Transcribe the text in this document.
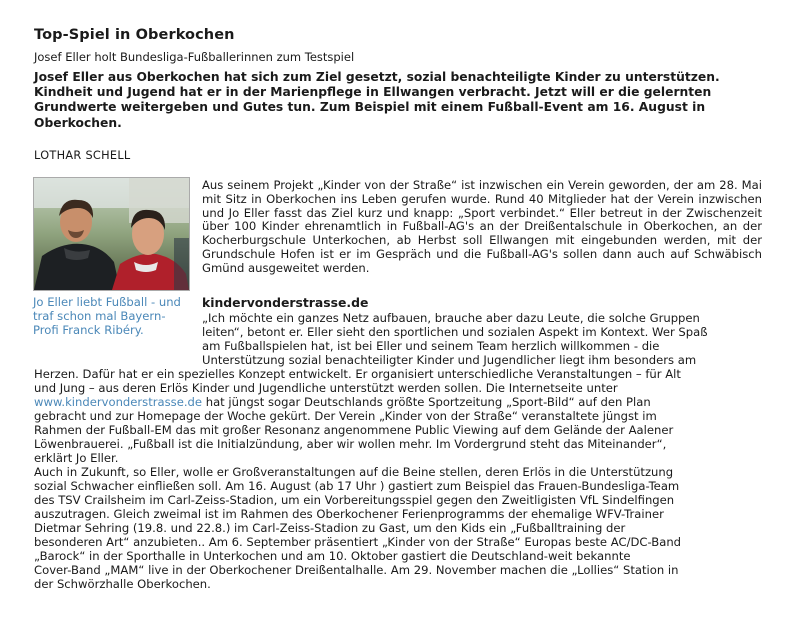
Top-Spiel in Oberkochen

Josef Eller holt Bundesliga-Fußballerinnen zum Testspiel

Josef Eller aus Oberkochen hat sich zum Ziel gesetzt, sozial benachteiligte Kinder zu unterstützen. Kindheit und Jugend hat er in der Marienpflege in Ellwangen verbracht. Jetzt will er die gelernten Grundwerte weitergeben und Gutes tun. Zum Beispiel mit einem Fußball-Event am 16. August in Oberkochen.

LOTHAR SCHELL

Jo Eller liebt Fußball - und traf schon mal Bayern-Profi Franck Ribéry.

Aus seinem Projekt „Kinder von der Straße“ ist inzwischen ein Verein geworden, der am 28. Mai mit Sitz in Oberkochen ins Leben gerufen wurde. Rund 40 Mitglieder hat der Verein inzwischen und Jo Eller fasst das Ziel kurz und knapp: „Sport verbindet.“ Eller betreut in der Zwischenzeit über 100 Kinder ehrenamtlich in Fußball-AG's an der Dreißentalschule in Oberkochen, an der Kocherburgschule Unterkochen, ab Herbst soll Ellwangen mit eingebunden werden, mit der Grundschule Hofen ist er im Gespräch und die Fußball-AG's sollen dann auch auf Schwäbisch Gmünd ausgeweitet werden.

kindervonderstrasse.de

„Ich möchte ein ganzes Netz aufbauen, brauche aber dazu Leute, die solche Gruppen
leiten“, betont er. Eller sieht den sportlichen und sozialen Aspekt im Kontext. Wer Spaß
am Fußballspielen hat, ist bei Eller und seinem Team herzlich willkommen - die
Unterstützung sozial benachteiligter Kinder und Jugendlicher liegt ihm besonders am
Herzen. Dafür hat er ein spezielles Konzept entwickelt. Er organisiert unterschiedliche Veranstaltungen – für Alt
und Jung – aus deren Erlös Kinder und Jugendliche unterstützt werden sollen. Die Internetseite unter
www.kindervonderstrasse.de hat jüngst sogar Deutschlands größte Sportzeitung „Sport-Bild“ auf den Plan
gebracht und zur Homepage der Woche gekürt. Der Verein „Kinder von der Straße“ veranstaltete jüngst im
Rahmen der Fußball-EM das mit großer Resonanz angenommene Public Viewing auf dem Gelände der Aalener
Löwenbrauerei. „Fußball ist die Initialzündung, aber wir wollen mehr. Im Vordergrund steht das Miteinander“,
erklärt Jo Eller.
Auch in Zukunft, so Eller, wolle er Großveranstaltungen auf die Beine stellen, deren Erlös in die Unterstützung
sozial Schwacher einfließen soll. Am 16. August (ab 17 Uhr ) gastiert zum Beispiel das Frauen-Bundesliga-Team
des TSV Crailsheim im Carl-Zeiss-Stadion, um ein Vorbereitungsspiel gegen den Zweitligisten VfL Sindelfingen
auszutragen. Gleich zweimal ist im Rahmen des Oberkochener Ferienprogramms der ehemalige WFV-Trainer
Dietmar Sehring (19.8. und 22.8.) im Carl-Zeiss-Stadion zu Gast, um den Kids ein „Fußballtraining der
besonderen Art“ anzubieten.. Am 6. September präsentiert „Kinder von der Straße“ Europas beste AC/DC-Band
„Barock“ in der Sporthalle in Unterkochen und am 10. Oktober gastiert die Deutschland-weit bekannte
Cover-Band „MAM“ live in der Oberkochener Dreißentalhalle. Am 29. November machen die „Lollies“ Station in
der Schwörzhalle Oberkochen.
